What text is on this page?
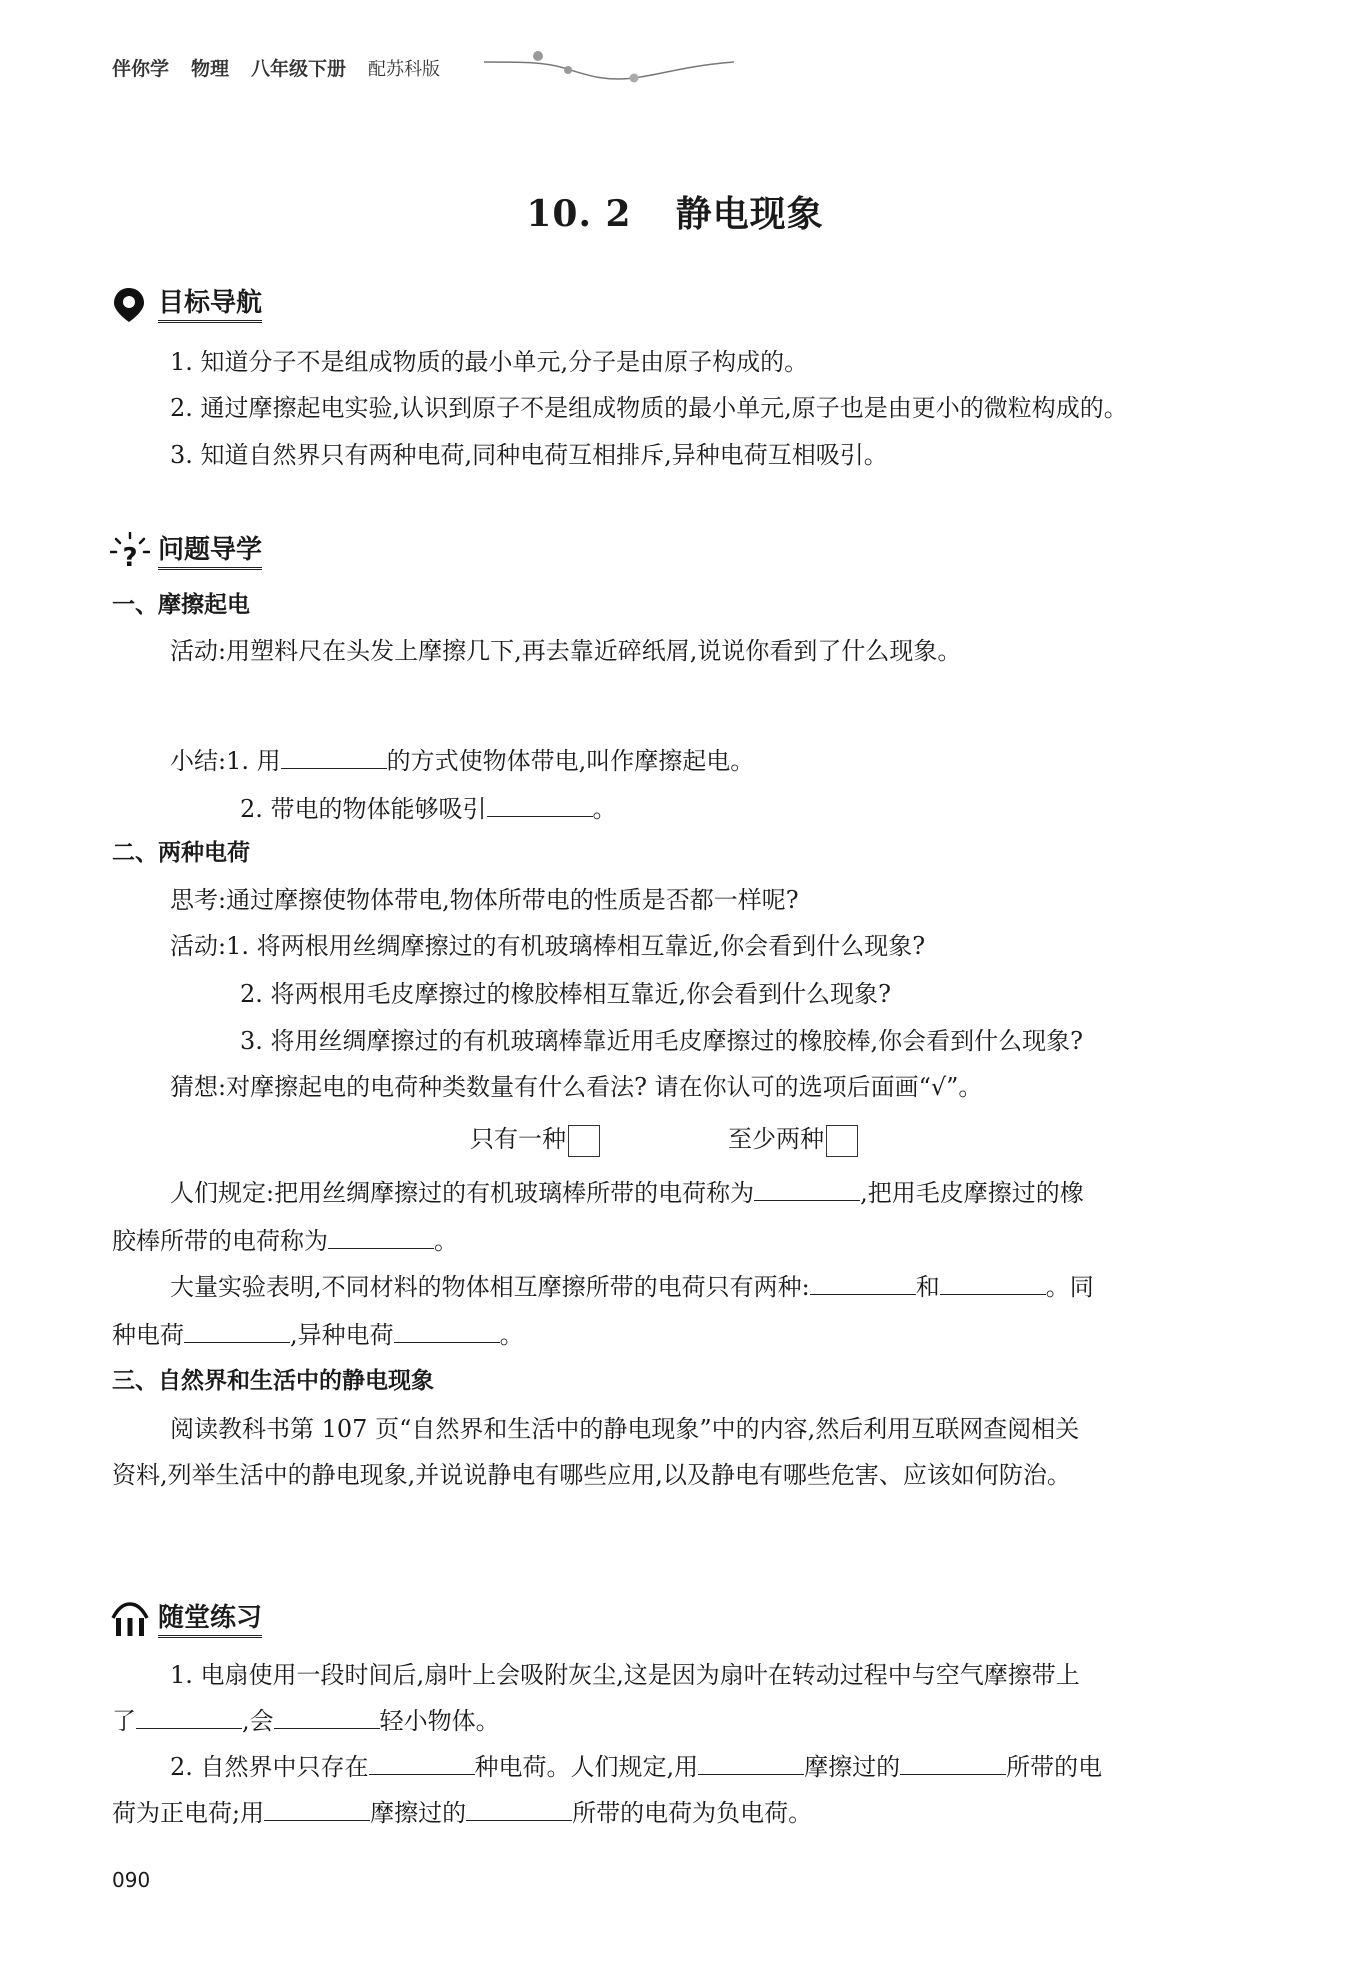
伴你学 物理 八年级下册 配苏科版
10. 2 静电现象
目标导航
1. 知道分子不是组成物质的最小单元,分子是由原子构成的。
2. 通过摩擦起电实验,认识到原子不是组成物质的最小单元,原子也是由更小的微粒构成的。
3. 知道自然界只有两种电荷,同种电荷互相排斥,异种电荷互相吸引。
? 问题导学
一、摩擦起电
活动:用塑料尺在头发上摩擦几下,再去靠近碎纸屑,说说你看到了什么现象。
小结:1. 用	的方式使物体带电,叫作摩擦起电。
2. 带电的物体能够吸引	。
二、两种电荷
思考:通过摩擦使物体带电,物体所带电的性质是否都一样呢?
活动:1. 将两根用丝绸摩擦过的有机玻璃棒相互靠近,你会看到什么现象?
2. 将两根用毛皮摩擦过的橡胶棒相互靠近,你会看到什么现象?
3. 将用丝绸摩擦过的有机玻璃棒靠近用毛皮摩擦过的橡胶棒,你会看到什么现象?
猜想:对摩擦起电的电荷种类数量有什么看法? 请在你认可的选项后面画“√”。
只有一种	至少两种
人们规定:把用丝绸摩擦过的有机玻璃棒所带的电荷称为	,把用毛皮摩擦过的橡
胶棒所带的电荷称为	。
大量实验表明,不同材料的物体相互摩擦所带的电荷只有两种:	和	。同
种电荷	,异种电荷	。
三、自然界和生活中的静电现象
阅读教科书第 107 页“自然界和生活中的静电现象”中的内容,然后利用互联网查阅相关
资料,列举生活中的静电现象,并说说静电有哪些应用,以及静电有哪些危害、应该如何防治。
随堂练习
1. 电扇使用一段时间后,扇叶上会吸附灰尘,这是因为扇叶在转动过程中与空气摩擦带上
了	,会	轻小物体。
2. 自然界中只存在	种电荷。人们规定,用	摩擦过的	所带的电
荷为正电荷;用	摩擦过的	所带的电荷为负电荷。
090
